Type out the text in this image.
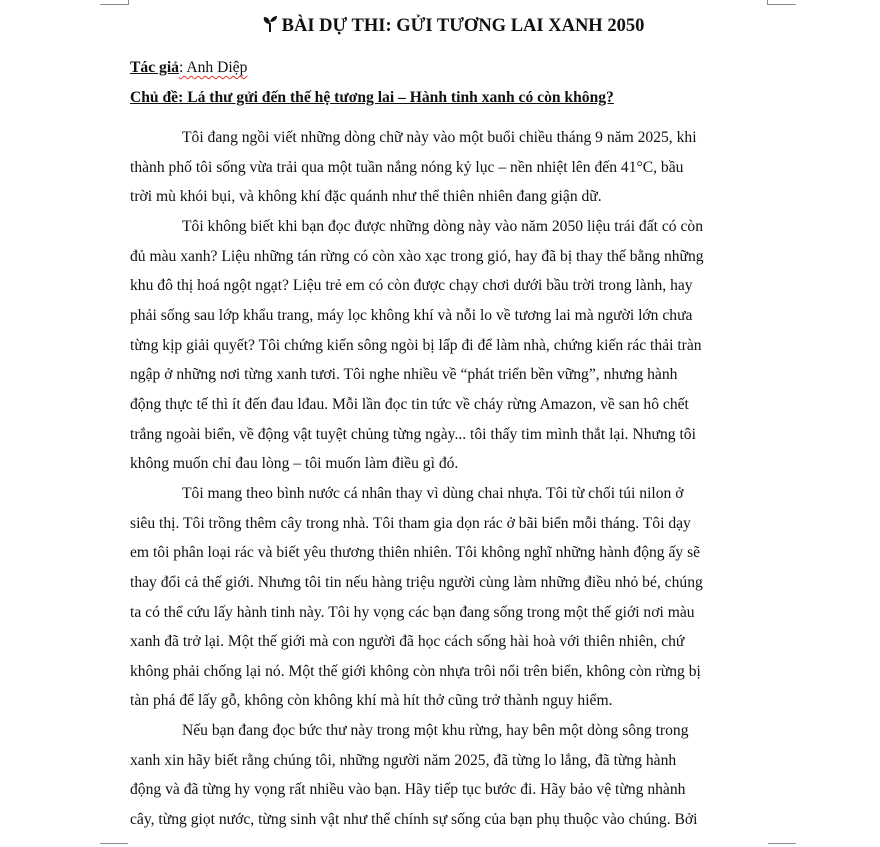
BÀI DỰ THI: GỬI TƯƠNG LAI XANH 2050
Tác giả: Anh Diệp
Chủ đề: Lá thư gửi đến thế hệ tương lai – Hành tinh xanh có còn không?
Tôi đang ngồi viết những dòng chữ này vào một buổi chiều tháng 9 năm 2025, khi
thành phố tôi sống vừa trải qua một tuần nắng nóng kỷ lục – nền nhiệt lên đến 41°C, bầu
trời mù khói bụi, và không khí đặc quánh như thể thiên nhiên đang giận dữ.
Tôi không biết khi bạn đọc được những dòng này vào năm 2050 liệu trái đất có còn
đủ màu xanh? Liệu những tán rừng có còn xào xạc trong gió, hay đã bị thay thế bằng những
khu đô thị hoá ngột ngạt? Liệu trẻ em có còn được chạy chơi dưới bầu trời trong lành, hay
phải sống sau lớp khẩu trang, máy lọc không khí và nỗi lo về tương lai mà người lớn chưa
từng kịp giải quyết? Tôi chứng kiến sông ngòi bị lấp đi để làm nhà, chứng kiến rác thải tràn
ngập ở những nơi từng xanh tươi. Tôi nghe nhiều về “phát triển bền vững”, nhưng hành
động thực tế thì ít đến đau lđau. Mỗi lần đọc tin tức về cháy rừng Amazon, về san hô chết
trắng ngoài biển, về động vật tuyệt chủng từng ngày... tôi thấy tim mình thắt lại. Nhưng tôi
không muốn chỉ đau lòng – tôi muốn làm điều gì đó.
Tôi mang theo bình nước cá nhân thay vì dùng chai nhựa. Tôi từ chối túi nilon ở
siêu thị. Tôi trồng thêm cây trong nhà. Tôi tham gia dọn rác ở bãi biển mỗi tháng. Tôi dạy
em tôi phân loại rác và biết yêu thương thiên nhiên. Tôi không nghĩ những hành động ấy sẽ
thay đổi cả thế giới. Nhưng tôi tin nếu hàng triệu người cùng làm những điều nhỏ bé, chúng
ta có thể cứu lấy hành tinh này. Tôi hy vọng các bạn đang sống trong một thế giới nơi màu
xanh đã trở lại. Một thế giới mà con người đã học cách sống hài hoà với thiên nhiên, chứ
không phải chống lại nó. Một thế giới không còn nhựa trôi nổi trên biển, không còn rừng bị
tàn phá để lấy gỗ, không còn không khí mà hít thở cũng trở thành nguy hiểm.
Nếu bạn đang đọc bức thư này trong một khu rừng, hay bên một dòng sông trong
xanh xin hãy biết rằng chúng tôi, những người năm 2025, đã từng lo lắng, đã từng hành
động và đã từng hy vọng rất nhiều vào bạn. Hãy tiếp tục bước đi. Hãy bảo vệ từng nhành
cây, từng giọt nước, từng sinh vật như thể chính sự sống của bạn phụ thuộc vào chúng. Bởi
